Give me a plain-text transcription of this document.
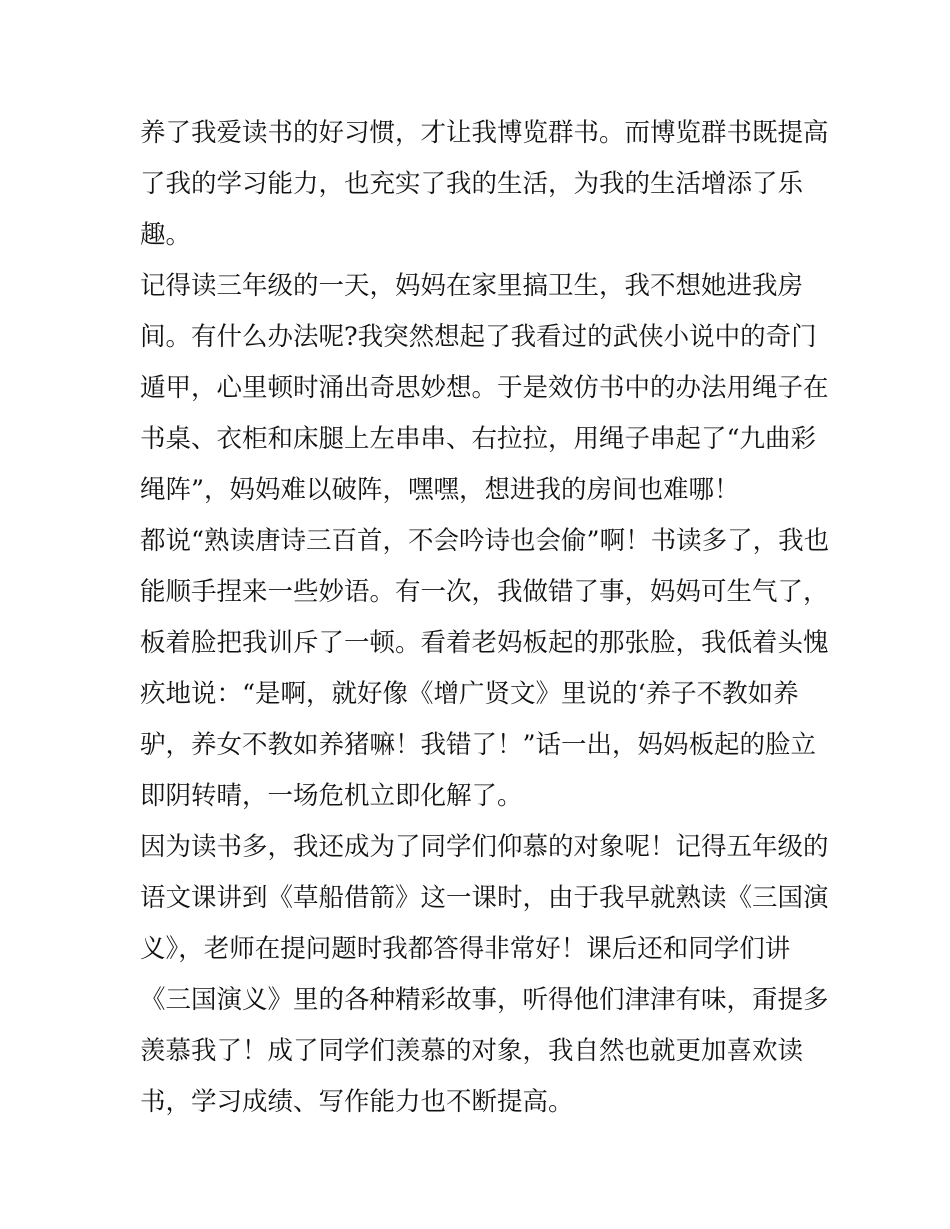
养了我爱读书的好习惯，才让我博览群书。而博览群书既提高
了我的学习能力，也充实了我的生活，为我的生活增添了乐
趣。
记得读三年级的一天，妈妈在家里搞卫生，我不想她进我房
间。有什么办法呢?我突然想起了我看过的武侠小说中的奇门
遁甲，心里顿时涌出奇思妙想。于是效仿书中的办法用绳子在
书桌、衣柜和床腿上左串串、右拉拉，用绳子串起了“九曲彩
绳阵”，妈妈难以破阵，嘿嘿，想进我的房间也难哪！
都说“熟读唐诗三百首，不会吟诗也会偷”啊！书读多了，我也
能顺手捏来一些妙语。有一次，我做错了事，妈妈可生气了，
板着脸把我训斥了一顿。看着老妈板起的那张脸，我低着头愧
疚地说：“是啊，就好像《增广贤文》里说的‘养子不教如养
驴，养女不教如养猪嘛！我错了！”话一出，妈妈板起的脸立
即阴转晴，一场危机立即化解了。
因为读书多，我还成为了同学们仰慕的对象呢！记得五年级的
语文课讲到《草船借箭》这一课时，由于我早就熟读《三国演
义》，老师在提问题时我都答得非常好！课后还和同学们讲
《三国演义》里的各种精彩故事，听得他们津津有味，甭提多
羡慕我了！成了同学们羡慕的对象，我自然也就更加喜欢读
书，学习成绩、写作能力也不断提高。
